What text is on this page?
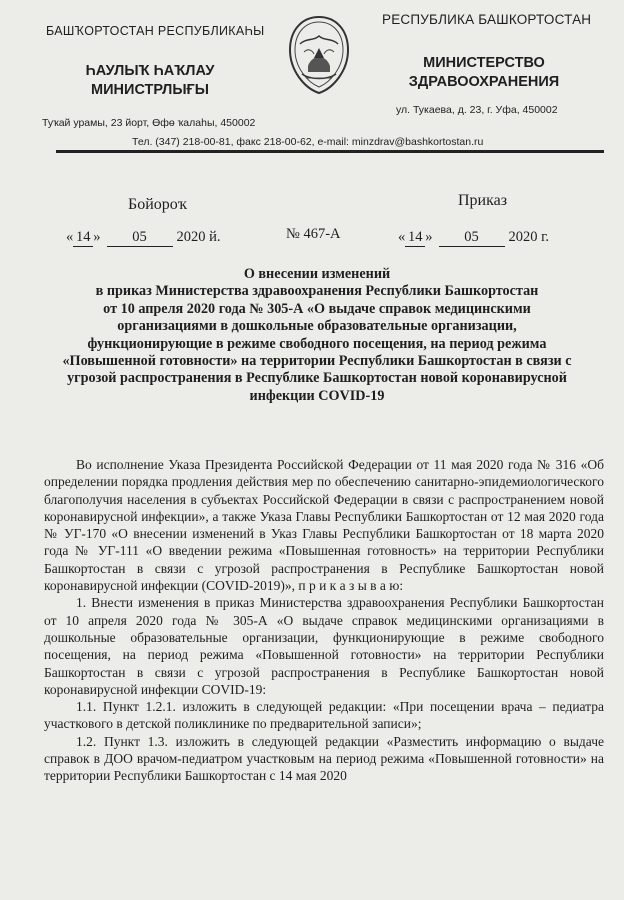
БАШҠОРТОСТАН РЕСПУБЛИКАҺЫ
РЕСПУБЛИКА БАШКОРТОСТАН
ҺАУЛЫҠ ҺАҠЛАУ
МИНИСТРЛЫҒЫ
МИНИСТЕРСТВО
ЗДРАВООХРАНЕНИЯ
Туҡай урамы, 23 йорт, Өфө ҡалаһы, 450002
ул. Тукаева, д. 23, г. Уфа, 450002
Тел. (347) 218-00-81, факс 218-00-62, e-mail: minzdrav@bashkortostan.ru
Бойороҡ	Приказ
« 14 » 05 2020 й.	№ 467-А	« 14 » 05 2020 г.
О внесении изменений
в приказ Министерства здравоохранения Республики Башкортостан
от 10 апреля 2020 года № 305-А «О выдаче справок медицинскими
организациями в дошкольные образовательные организации,
функционирующие в режиме свободного посещения, на период режима
«Повышенной готовности» на территории Республики Башкортостан в связи с
угрозой распространения в Республике Башкортостан новой коронавирусной
инфекции COVID-19

Во исполнение Указа Президента Российской Федерации от 11 мая 2020 года № 316 «Об определении порядка продления действия мер по обеспечению санитарно-эпидемиологического благополучия населения в субъектах Российской Федерации в связи с распространением новой коронавирусной инфекции», а также Указа Главы Республики Башкортостан от 12 мая 2020 года № УГ-170 «О внесении изменений в Указ Главы Республики Башкортостан от 18 марта 2020 года № УГ-111 «О введении режима «Повышенная готовность» на территории Республики Башкортостан в связи с угрозой распространения в Республике Башкортостан новой коронавирусной инфекции (COVID-2019)», п р и к а з ы в а ю:

1. Внести изменения в приказ Министерства здравоохранения Республики Башкортостан от 10 апреля 2020 года № 305-А «О выдаче справок медицинскими организациями в дошкольные образовательные организации, функционирующие в режиме свободного посещения, на период режима «Повышенной готовности» на территории Республики Башкортостан в связи с угрозой распространения в Республике Башкортостан новой коронавирусной инфекции COVID-19:

1.1. Пункт 1.2.1. изложить в следующей редакции: «При посещении врача – педиатра участкового в детской поликлинике по предварительной записи»;

1.2. Пункт 1.3. изложить в следующей редакции «Разместить информацию о выдаче справок в ДОО врачом-педиатром участковым на период режима «Повышенной готовности» на территории Республики Башкортостан с 14 мая 2020
